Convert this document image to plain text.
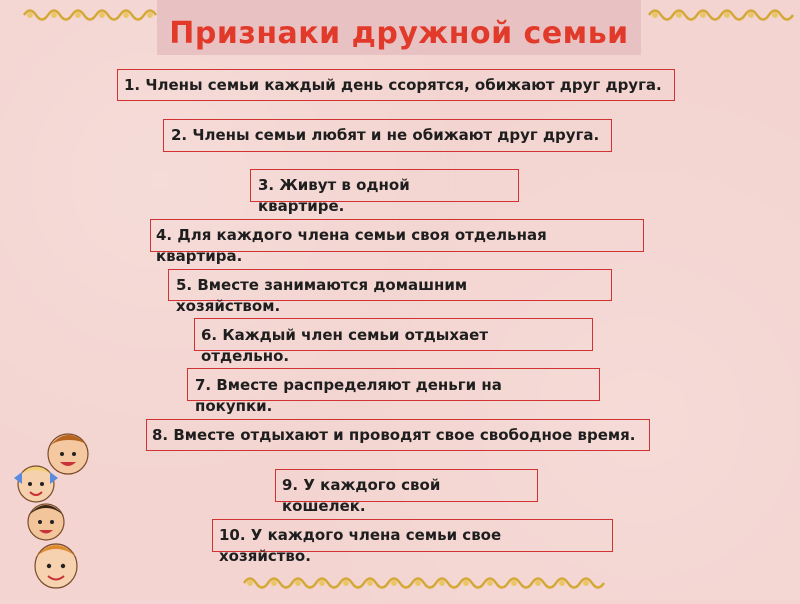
Признаки дружной семьи
1. Члены семьи каждый день ссорятся, обижают друг друга.
2. Члены семьи любят и не обижают друг друга.
3. Живут в одной квартире.
4. Для каждого члена семьи своя отдельная квартира.
5. Вместе занимаются домашним хозяйством.
6. Каждый член семьи отдыхает отдельно.
7. Вместе распределяют деньги на покупки.
8. Вместе отдыхают и проводят свое свободное время.
9. У каждого свой кошелек.
10. У каждого члена семьи свое хозяйство.
